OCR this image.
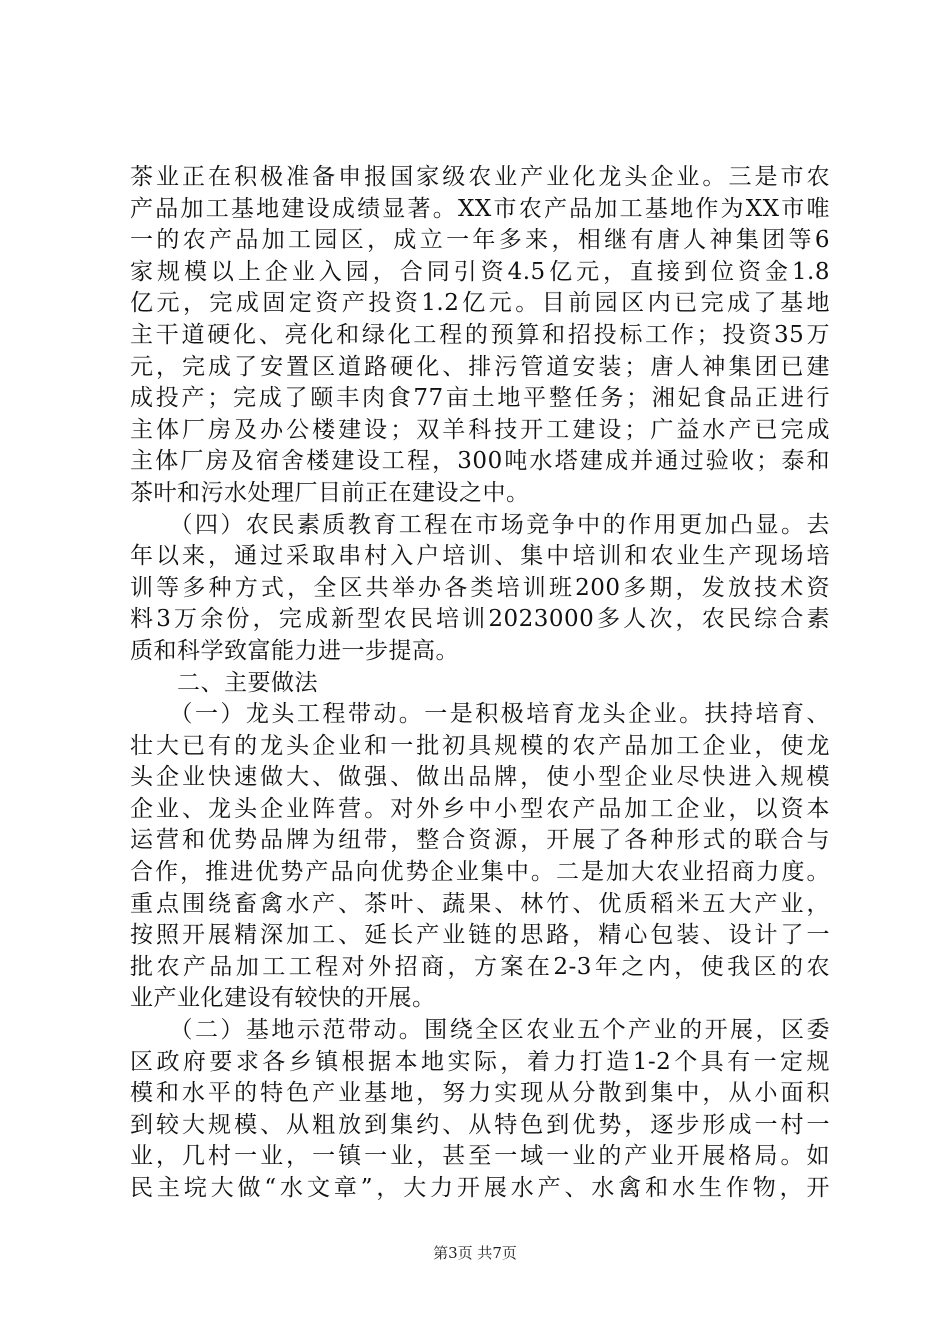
茶业正在积极准备申报国家级农业产业化龙头企业。三是市农
产品加工基地建设成绩显著。XX市农产品加工基地作为XX市唯
一的农产品加工园区，成立一年多来，相继有唐人神集团等6
家规模以上企业入园，合同引资4.5亿元，直接到位资金1.8
亿元，完成固定资产投资1.2亿元。目前园区内已完成了基地
主干道硬化、亮化和绿化工程的预算和招投标工作；投资35万
元，完成了安置区道路硬化、排污管道安装；唐人神集团已建
成投产；完成了颐丰肉食77亩土地平整任务；湘妃食品正进行
主体厂房及办公楼建设；双羊科技开工建设；广益水产已完成
主体厂房及宿舍楼建设工程，300吨水塔建成并通过验收；泰和
茶叶和污水处理厂目前正在建设之中。
　　（四）农民素质教育工程在市场竞争中的作用更加凸显。去
年以来，通过采取串村入户培训、集中培训和农业生产现场培
训等多种方式，全区共举办各类培训班200多期，发放技术资
料3万余份，完成新型农民培训2023000多人次，农民综合素
质和科学致富能力进一步提高。
　　二、主要做法
　　（一）龙头工程带动。一是积极培育龙头企业。扶持培育、
壮大已有的龙头企业和一批初具规模的农产品加工企业，使龙
头企业快速做大、做强、做出品牌，使小型企业尽快进入规模
企业、龙头企业阵营。对外乡中小型农产品加工企业，以资本
运营和优势品牌为纽带，整合资源，开展了各种形式的联合与
合作，推进优势产品向优势企业集中。二是加大农业招商力度。
重点围绕畜禽水产、茶叶、蔬果、林竹、优质稻米五大产业，
按照开展精深加工、延长产业链的思路，精心包装、设计了一
批农产品加工工程对外招商，方案在2-3年之内，使我区的农
业产业化建设有较快的开展。
　　（二）基地示范带动。围绕全区农业五个产业的开展，区委
区政府要求各乡镇根据本地实际，着力打造1-2个具有一定规
模和水平的特色产业基地，努力实现从分散到集中，从小面积
到较大规模、从粗放到集约、从特色到优势，逐步形成一村一
业，几村一业，一镇一业，甚至一域一业的产业开展格局。如
民主垸大做“水文章”，大力开展水产、水禽和水生作物，开
第3页 共7页
